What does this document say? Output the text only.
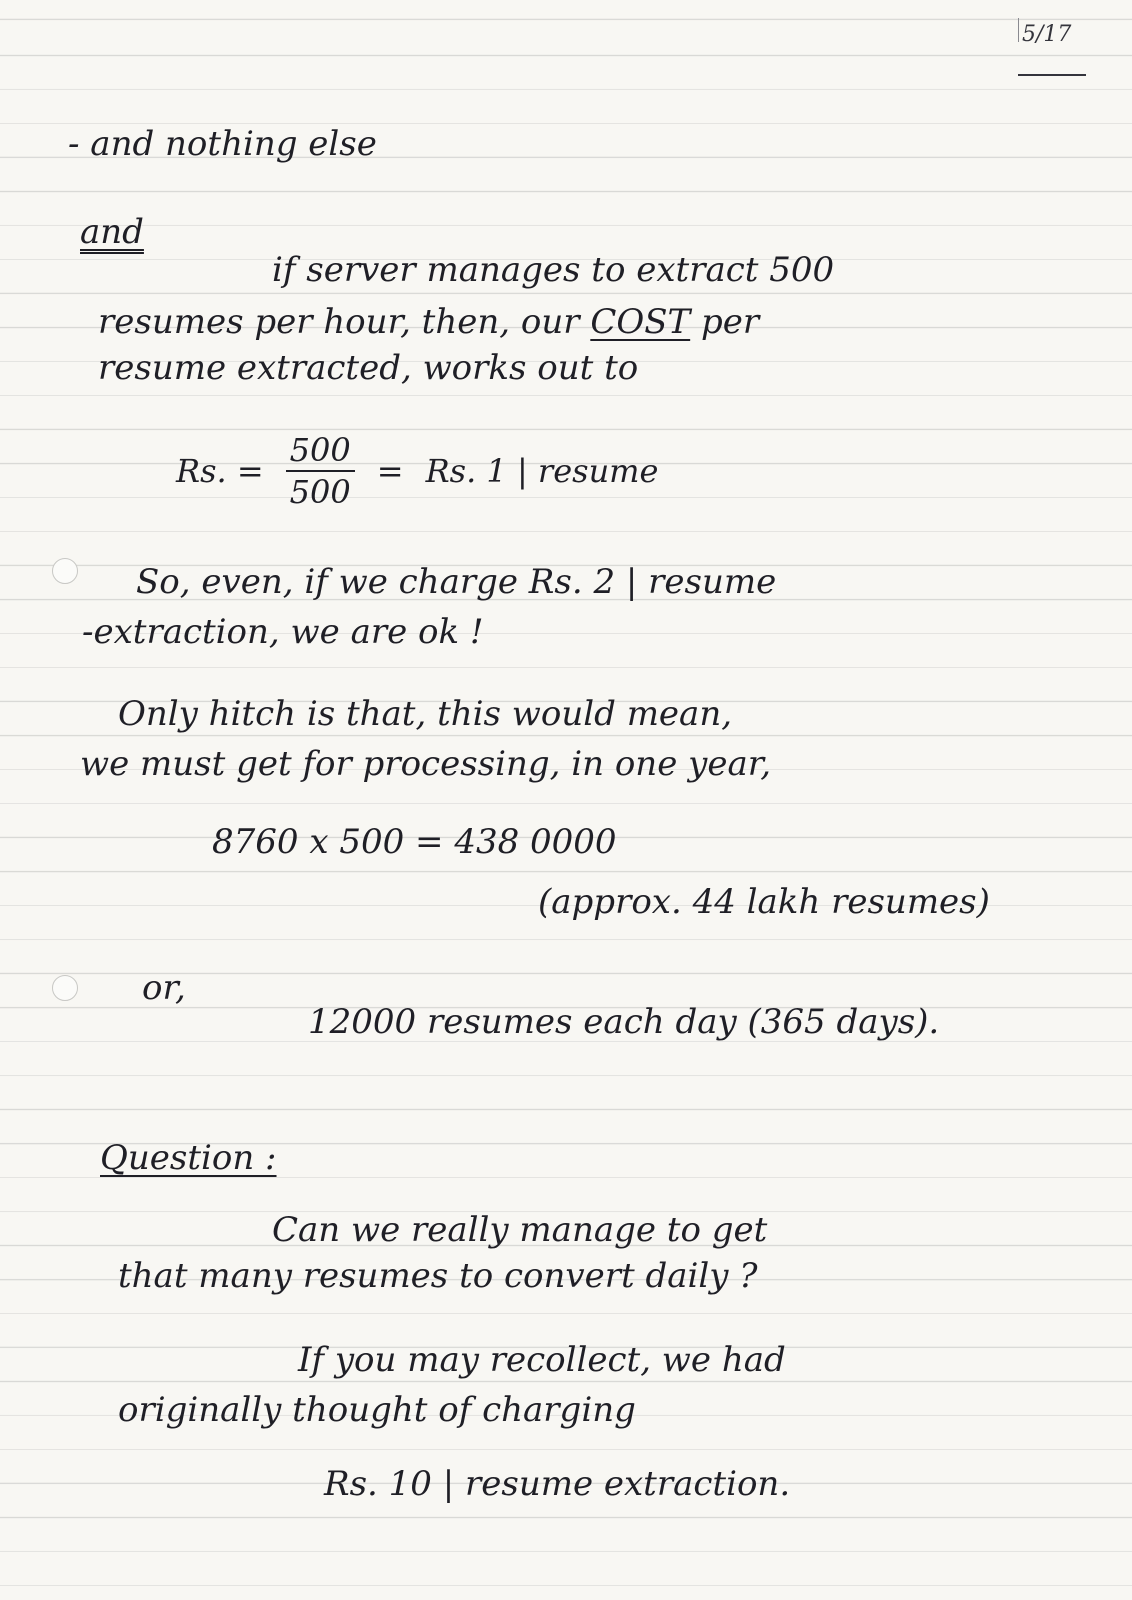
5/17
- and nothing else
and
if server manages to extract 500
resumes per hour, then, our COST per
resume extracted, works out to
Rs. = $\frac{500}{500} = Rs$. 1 | resume
So, even, if we charge Rs. 2 | resume
-extraction, we are ok !
Only hitch is that, this would mean,
we must get for processing, in one year,
8760 x 500 = 438 0000
(approx. 44 lakh resumes)
or,
12000 resumes each day (365 days).
Question :
Can we really manage to get
that many resumes to convert daily ?
If you may recollect, we had
originally thought of charging
Rs. 10 | resume extraction.
